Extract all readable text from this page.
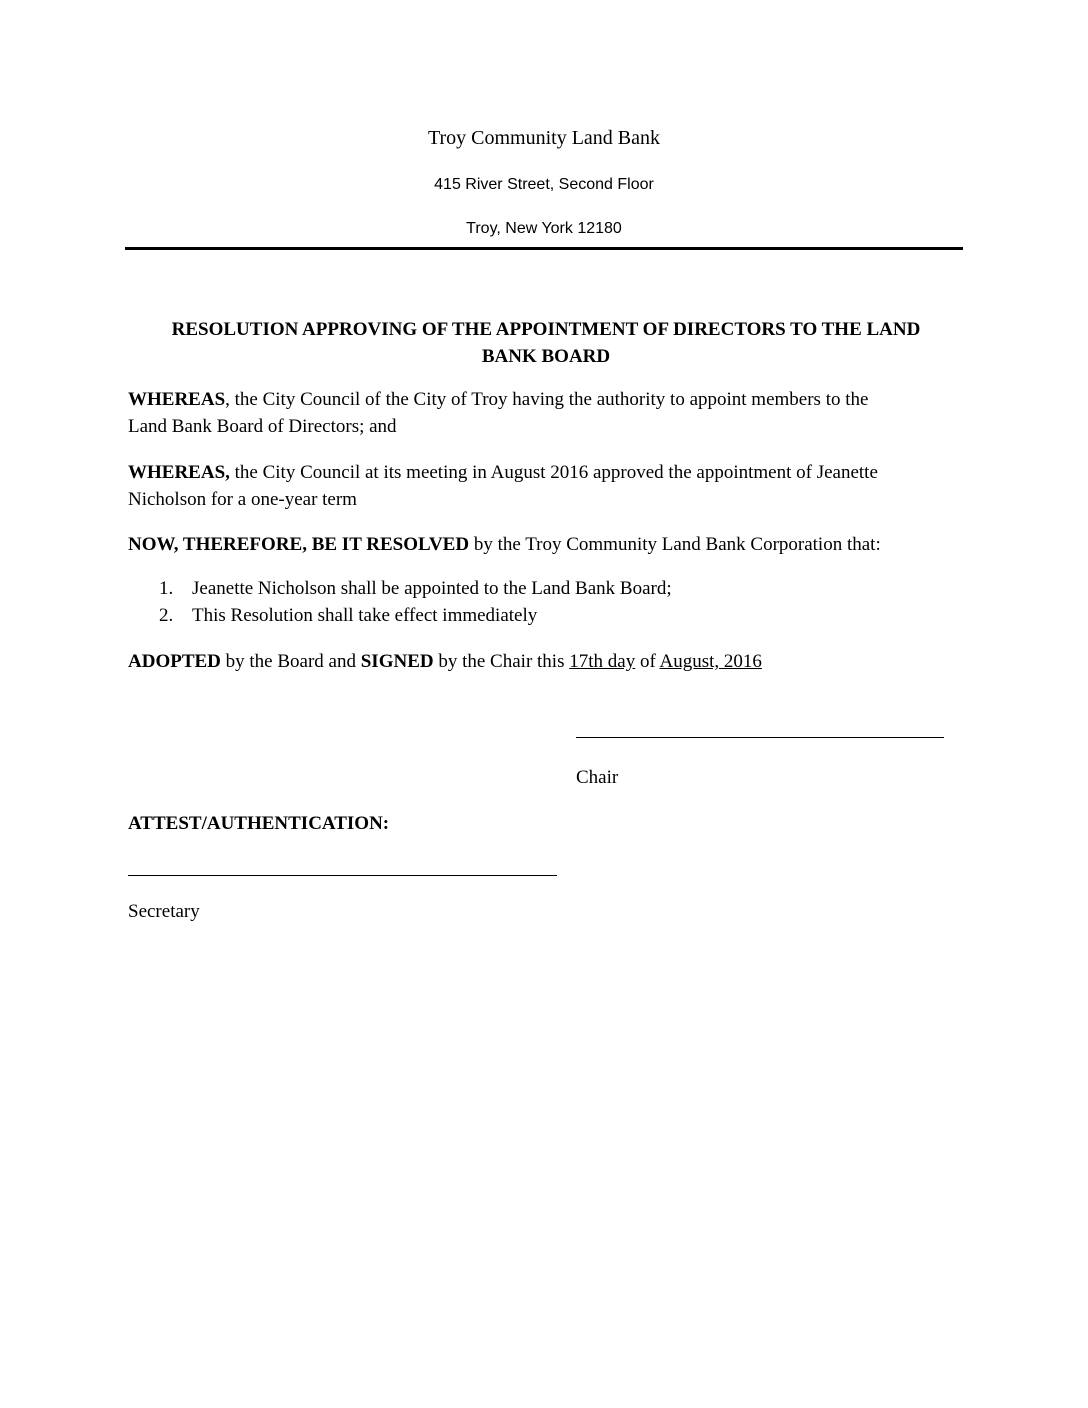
Troy Community Land Bank
415 River Street, Second Floor
Troy, New York 12180
RESOLUTION APPROVING OF THE APPOINTMENT OF DIRECTORS TO THE LAND
BANK BOARD
WHEREAS, the City Council of the City of Troy having the authority to appoint members to the
Land Bank Board of Directors; and
WHEREAS, the City Council at its meeting in August 2016 approved the appointment of Jeanette
Nicholson for a one-year term
NOW, THEREFORE, BE IT RESOLVED by the Troy Community Land Bank Corporation that:
1. Jeanette Nicholson shall be appointed to the Land Bank Board;
2. This Resolution shall take effect immediately
ADOPTED by the Board and SIGNED by the Chair this 17th day of August, 2016
Chair
ATTEST/AUTHENTICATION:
Secretary
